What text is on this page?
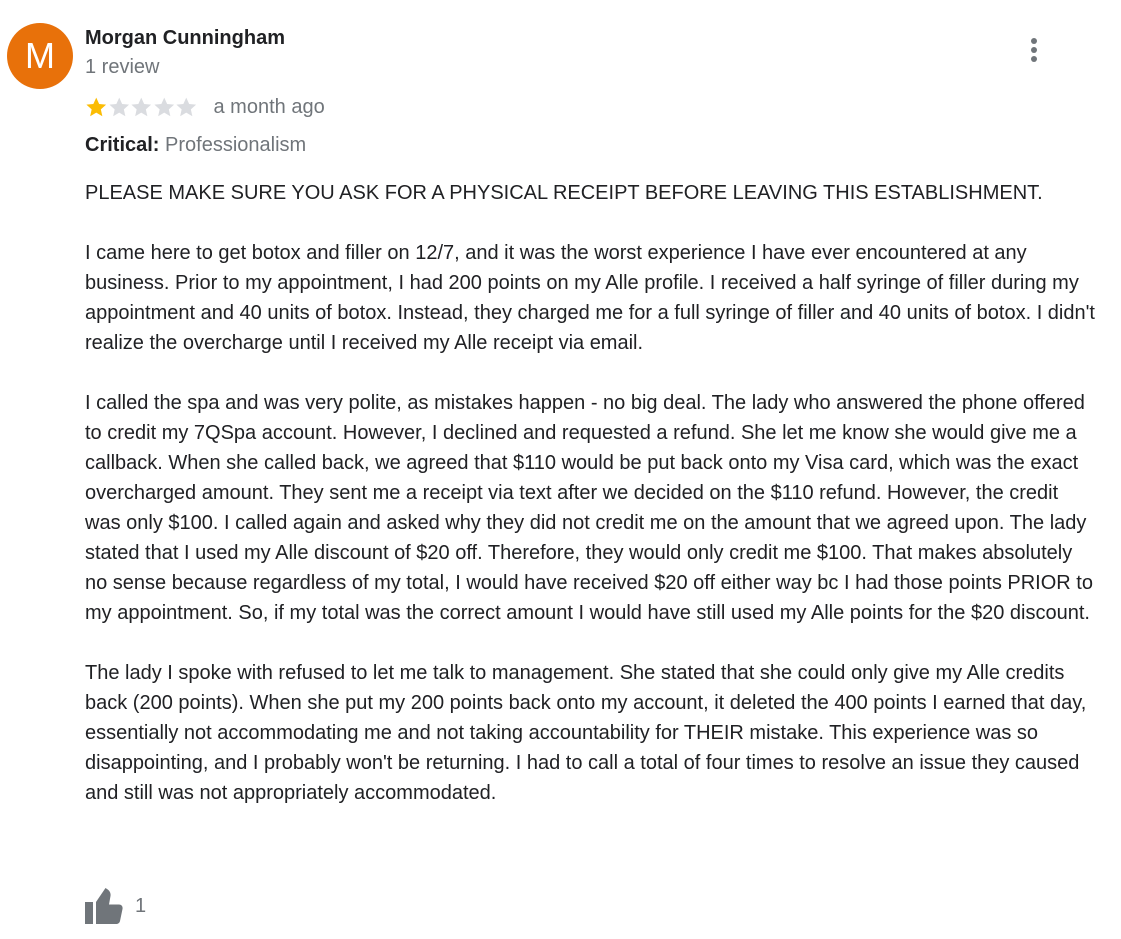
M	Morgan Cunningham
1 review
a month ago
Critical: Professionalism

PLEASE MAKE SURE YOU ASK FOR A PHYSICAL RECEIPT BEFORE LEAVING THIS ESTABLISHMENT.

I came here to get botox and filler on 12/7, and it was the worst experience I have ever encountered at any business. Prior to my appointment, I had 200 points on my Alle profile. I received a half syringe of filler during my appointment and 40 units of botox. Instead, they charged me for a full syringe of filler and 40 units of botox. I didn't realize the overcharge until I received my Alle receipt via email.

I called the spa and was very polite, as mistakes happen - no big deal. The lady who answered the phone offered to credit my 7QSpa account. However, I declined and requested a refund. She let me know she would give me a callback. When she called back, we agreed that $110 would be put back onto my Visa card, which was the exact overcharged amount. They sent me a receipt via text after we decided on the $110 refund. However, the credit was only $100. I called again and asked why they did not credit me on the amount that we agreed upon. The lady stated that I used my Alle discount of $20 off. Therefore, they would only credit me $100. That makes absolutely no sense because regardless of my total, I would have received $20 off either way bc I had those points PRIOR to my appointment. So, if my total was the correct amount I would have still used my Alle points for the $20 discount.

The lady I spoke with refused to let me talk to management. She stated that she could only give my Alle credits back (200 points). When she put my 200 points back onto my account, it deleted the 400 points I earned that day, essentially not accommodating me and not taking accountability for THEIR mistake. This experience was so disappointing, and I probably won't be returning. I had to call a total of four times to resolve an issue they caused and still was not appropriately accommodated.

1
